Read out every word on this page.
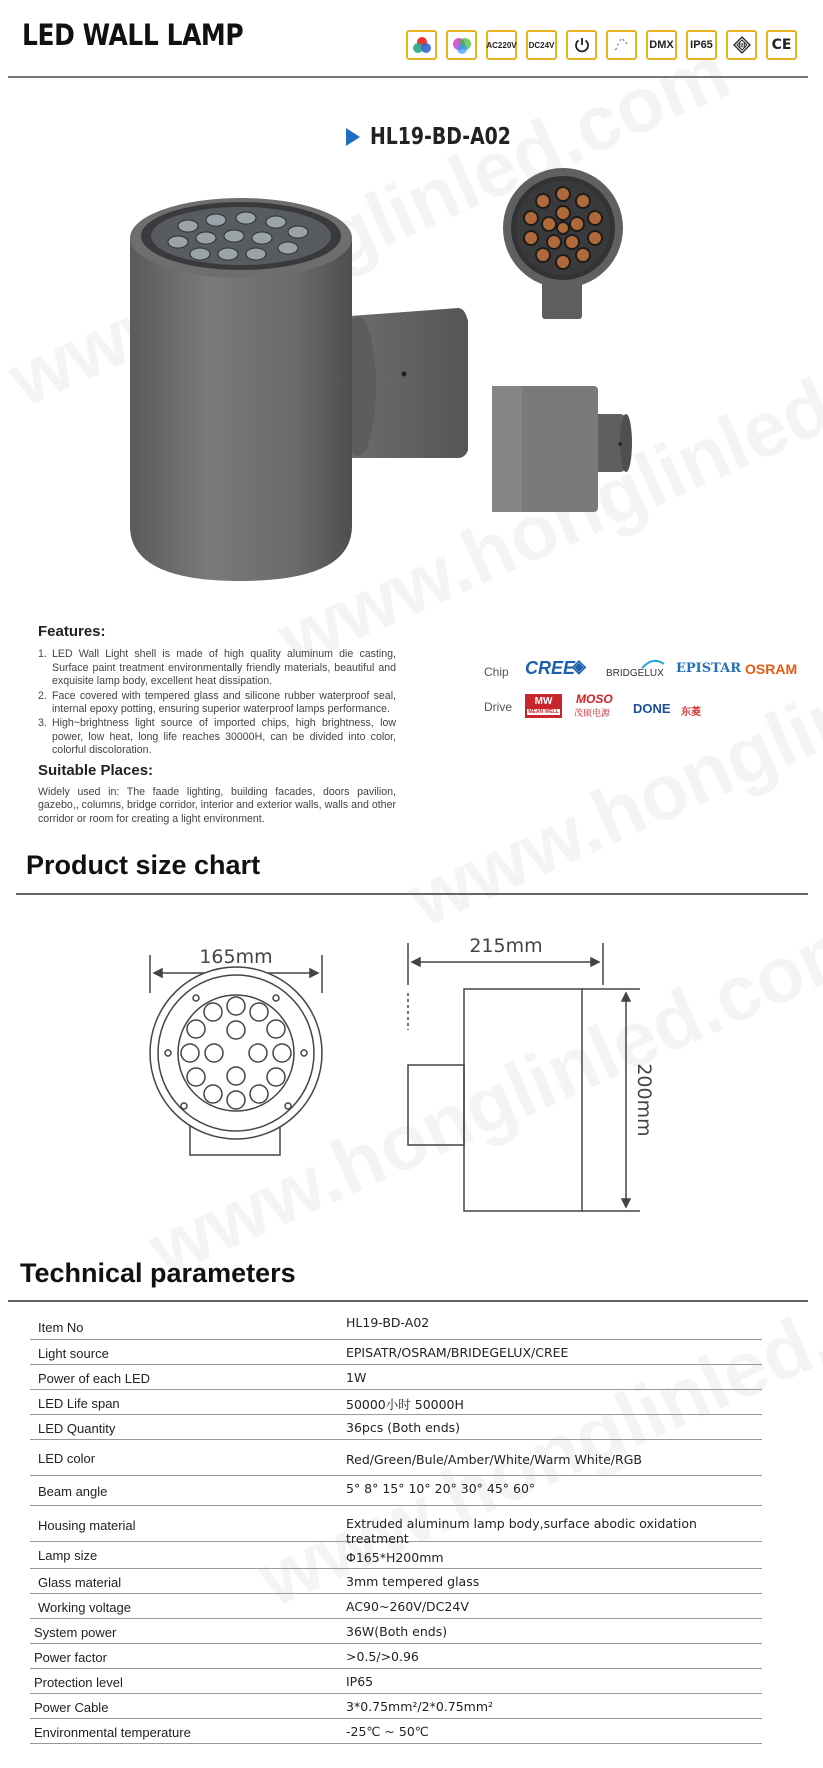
LED WALL LAMP	AC220V DC24V	DMX IP65	III CE
HL19-BD-A02
Features:
1. LED Wall Light shell is made of high quality aluminum die casting, Surface paint treatment environmentally friendly materials, beautiful and exquisite lamp body, excellent heat dissipation.
2. Face covered with tempered glass and silicone rubber waterproof seal, internal epoxy potting, ensuring superior waterproof lamps performance.
3. High~brightness light source of imported chips, high brightness, low power, low heat, long life reaches 30000H, can be divided into color, colorful discoloration.
Suitable Places:

Widely used in: The faade lighting, building facades, doors pavilion, gazebo,, columns, bridge corridor, interior and exterior walls, walls and other corridor or room for creating a light environment.

Chip CREE
◈ BRIDGELUX EPISTAR OSRAM
Drive	MW
MEAN WELL
MOSO
茂硕电源 DONE 东菱
Product size chart
165mm	215mm
200mm
Technical parameters
Item No	HL19-BD-A02
Light source	EPISATR/OSRAM/BRIDEGELUX/CREE
Power of each LED	1W
LED Life span	50000小时 50000H
LED Quantity	36pcs (Both ends)
LED color	Red/Green/Bule/Amber/White/Warm White/RGB
Beam angle	5° 8° 15° 10° 20° 30° 45° 60°
Housing material	Extruded aluminum lamp body,surface abodic oxidation treatment
Lamp size	Φ165*H200mm
Glass material	3mm tempered glass
Working voltage	AC90~260V/DC24V
System power	36W(Both ends)
Power factor	>0.5/>0.96
Protection level	IP65
Power Cable	3*0.75mm²/2*0.75mm²
Environmental temperature	-25℃ ~ 50℃
